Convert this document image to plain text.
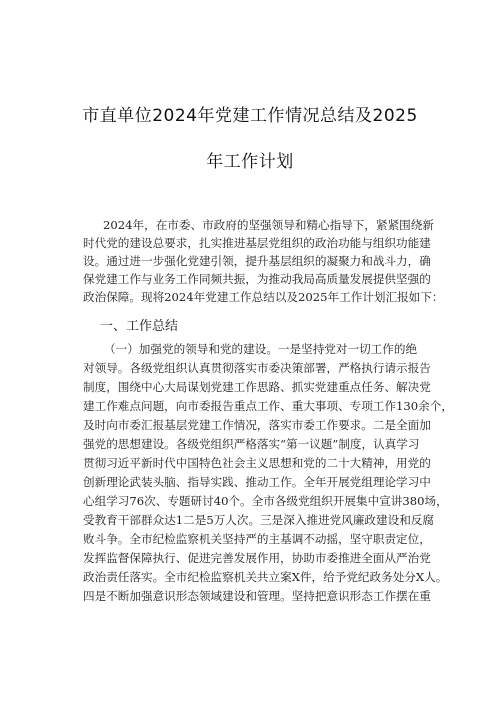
市直单位2024年党建工作情况总结及2025
年工作计划
2024年，在市委、市政府的坚强领导和精心指导下，紧紧围绕新
时代党的建设总要求，扎实推进基层党组织的政治功能与组织功能建
设。通过进一步强化党建引领，提升基层组织的凝聚力和战斗力，确
保党建工作与业务工作同频共振，为推动我局高质量发展提供坚强的
政治保障。现将2024年党建工作总结以及2025年工作计划汇报如下：
一、工作总结
（一）加强党的领导和党的建设。一是坚持党对一切工作的绝
对领导。各级党组织认真贯彻落实市委决策部署，严格执行请示报告
制度，围绕中心大局谋划党建工作思路、抓实党建重点任务、解决党
建工作难点问题，向市委报告重点工作、重大事项、专项工作130余个，
及时向市委汇报基层党建工作情况，落实市委工作要求。二是全面加
强党的思想建设。各级党组织严格落实“第一议题”制度，认真学习
贯彻习近平新时代中国特色社会主义思想和党的二十大精神，用党的
创新理论武装头脑、指导实践、推动工作。全年开展党组理论学习中
心组学习76次、专题研讨40个。全市各级党组织开展集中宣讲380场，
受教育干部群众达1二是5万人次。三是深入推进党风廉政建设和反腐
败斗争。全市纪检监察机关坚持严的主基调不动摇，坚守职责定位，
发挥监督保障执行、促进完善发展作用，协助市委推进全面从严治党
政治责任落实。全市纪检监察机关共立案X件，给予党纪政务处分X人。
四是不断加强意识形态领域建设和管理。坚持把意识形态工作摆在重
